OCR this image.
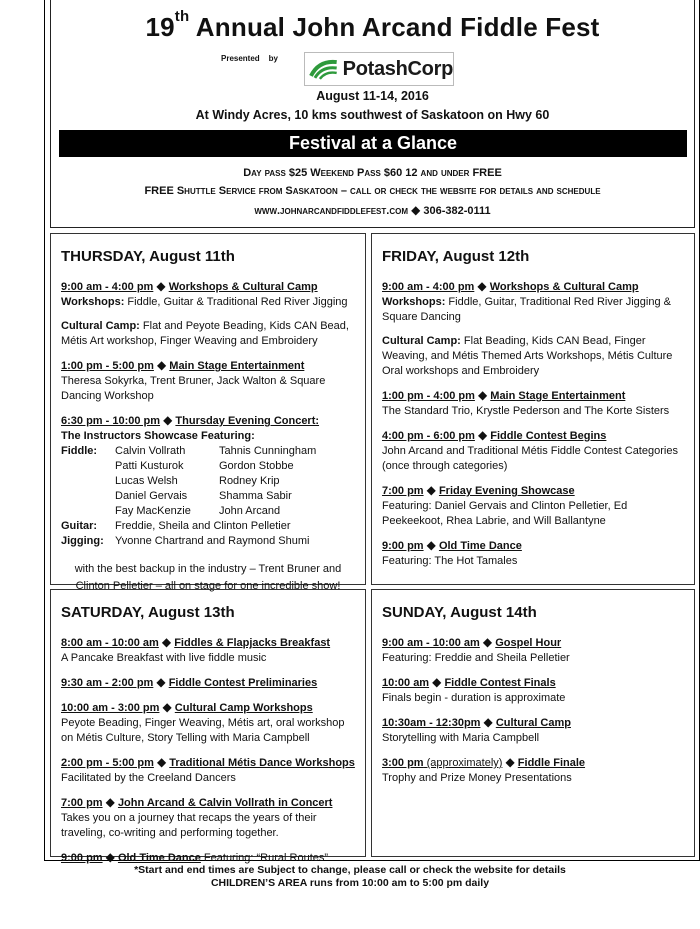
19th Annual John Arcand Fiddle Fest
Presented    by	PotashCorp
August 11-14, 2016
At Windy Acres, 10 kms southwest of Saskatoon on Hwy 60
Festival at a Glance
Day pass $25 Weekend Pass $60 12 and under FREE
FREE Shuttle Service from Saskatoon – call or check the website for details and schedule
www.johnarcandfiddlefest.com ◆ 306-382-0111
THURSDAY, August 11th
9:00 am - 4:00 pm ◆ Workshops & Cultural Camp
Workshops: Fiddle, Guitar & Traditional Red River Jigging
Cultural Camp: Flat and Peyote Beading, Kids CAN Bead, Métis Art workshop, Finger Weaving and Embroidery
1:00 pm - 5:00 pm ◆ Main Stage Entertainment
Theresa Sokyrka, Trent Bruner, Jack Walton & Square Dancing Workshop
6:30 pm - 10:00 pm ◆ Thursday Evening Concert:
The Instructors Showcase Featuring:
Fiddle:	Calvin Vollrath	Tahnis Cunningham
Patti Kusturok	Gordon Stobbe
Lucas Welsh	Rodney Krip
Daniel Gervais	Shamma Sabir
Fay MacKenzie	John Arcand
Guitar:	Freddie, Sheila and Clinton Pelletier
Jigging:	Yvonne Chartrand and Raymond Shumi
with the best backup in the industry – Trent Bruner and Clinton Pelletier – all on stage for one incredible show!
FRIDAY, August 12th
9:00 am - 4:00 pm ◆ Workshops & Cultural Camp
Workshops: Fiddle, Guitar, Traditional Red River Jigging & Square Dancing
Cultural Camp: Flat Beading, Kids CAN Bead, Finger Weaving, and Métis Themed Arts Workshops, Métis Culture Oral workshops and Embroidery
1:00 pm - 4:00 pm ◆ Main Stage Entertainment
The Standard Trio, Krystle Pederson and The Korte Sisters
4:00 pm - 6:00 pm ◆ Fiddle Contest Begins
John Arcand and Traditional Métis Fiddle Contest Categories (once through categories)
7:00 pm ◆ Friday Evening Showcase
Featuring: Daniel Gervais and Clinton Pelletier, Ed Peekeekoot, Rhea Labrie, and Will Ballantyne
9:00 pm ◆ Old Time Dance
Featuring: The Hot Tamales
SATURDAY, August 13th
8:00 am - 10:00 am ◆ Fiddles & Flapjacks Breakfast
A Pancake Breakfast with live fiddle music
9:30 am - 2:00 pm ◆ Fiddle Contest Preliminaries
10:00 am - 3:00 pm ◆ Cultural Camp Workshops
Peyote Beading, Finger Weaving, Métis art, oral workshop on Métis Culture, Story Telling with Maria Campbell
2:00 pm - 5:00 pm ◆ Traditional Métis Dance Workshops
Facilitated by the Creeland Dancers
7:00 pm ◆ John Arcand & Calvin Vollrath in Concert
Takes you on a journey that recaps the years of their traveling, co-writing and performing together.
9:00 pm ◆ Old Time Dance Featuring: “Rural Routes”
SUNDAY, August 14th
9:00 am - 10:00 am ◆ Gospel Hour
Featuring: Freddie and Sheila Pelletier
10:00 am ◆ Fiddle Contest Finals
Finals begin - duration is approximate
10:30am - 12:30pm ◆ Cultural Camp
Storytelling with Maria Campbell
3:00 pm (approximately) ◆ Fiddle Finale
Trophy and Prize Money Presentations
*Start and end times are Subject to change, please call or check the website for details
CHILDREN’S AREA runs from 10:00 am to 5:00 pm daily
